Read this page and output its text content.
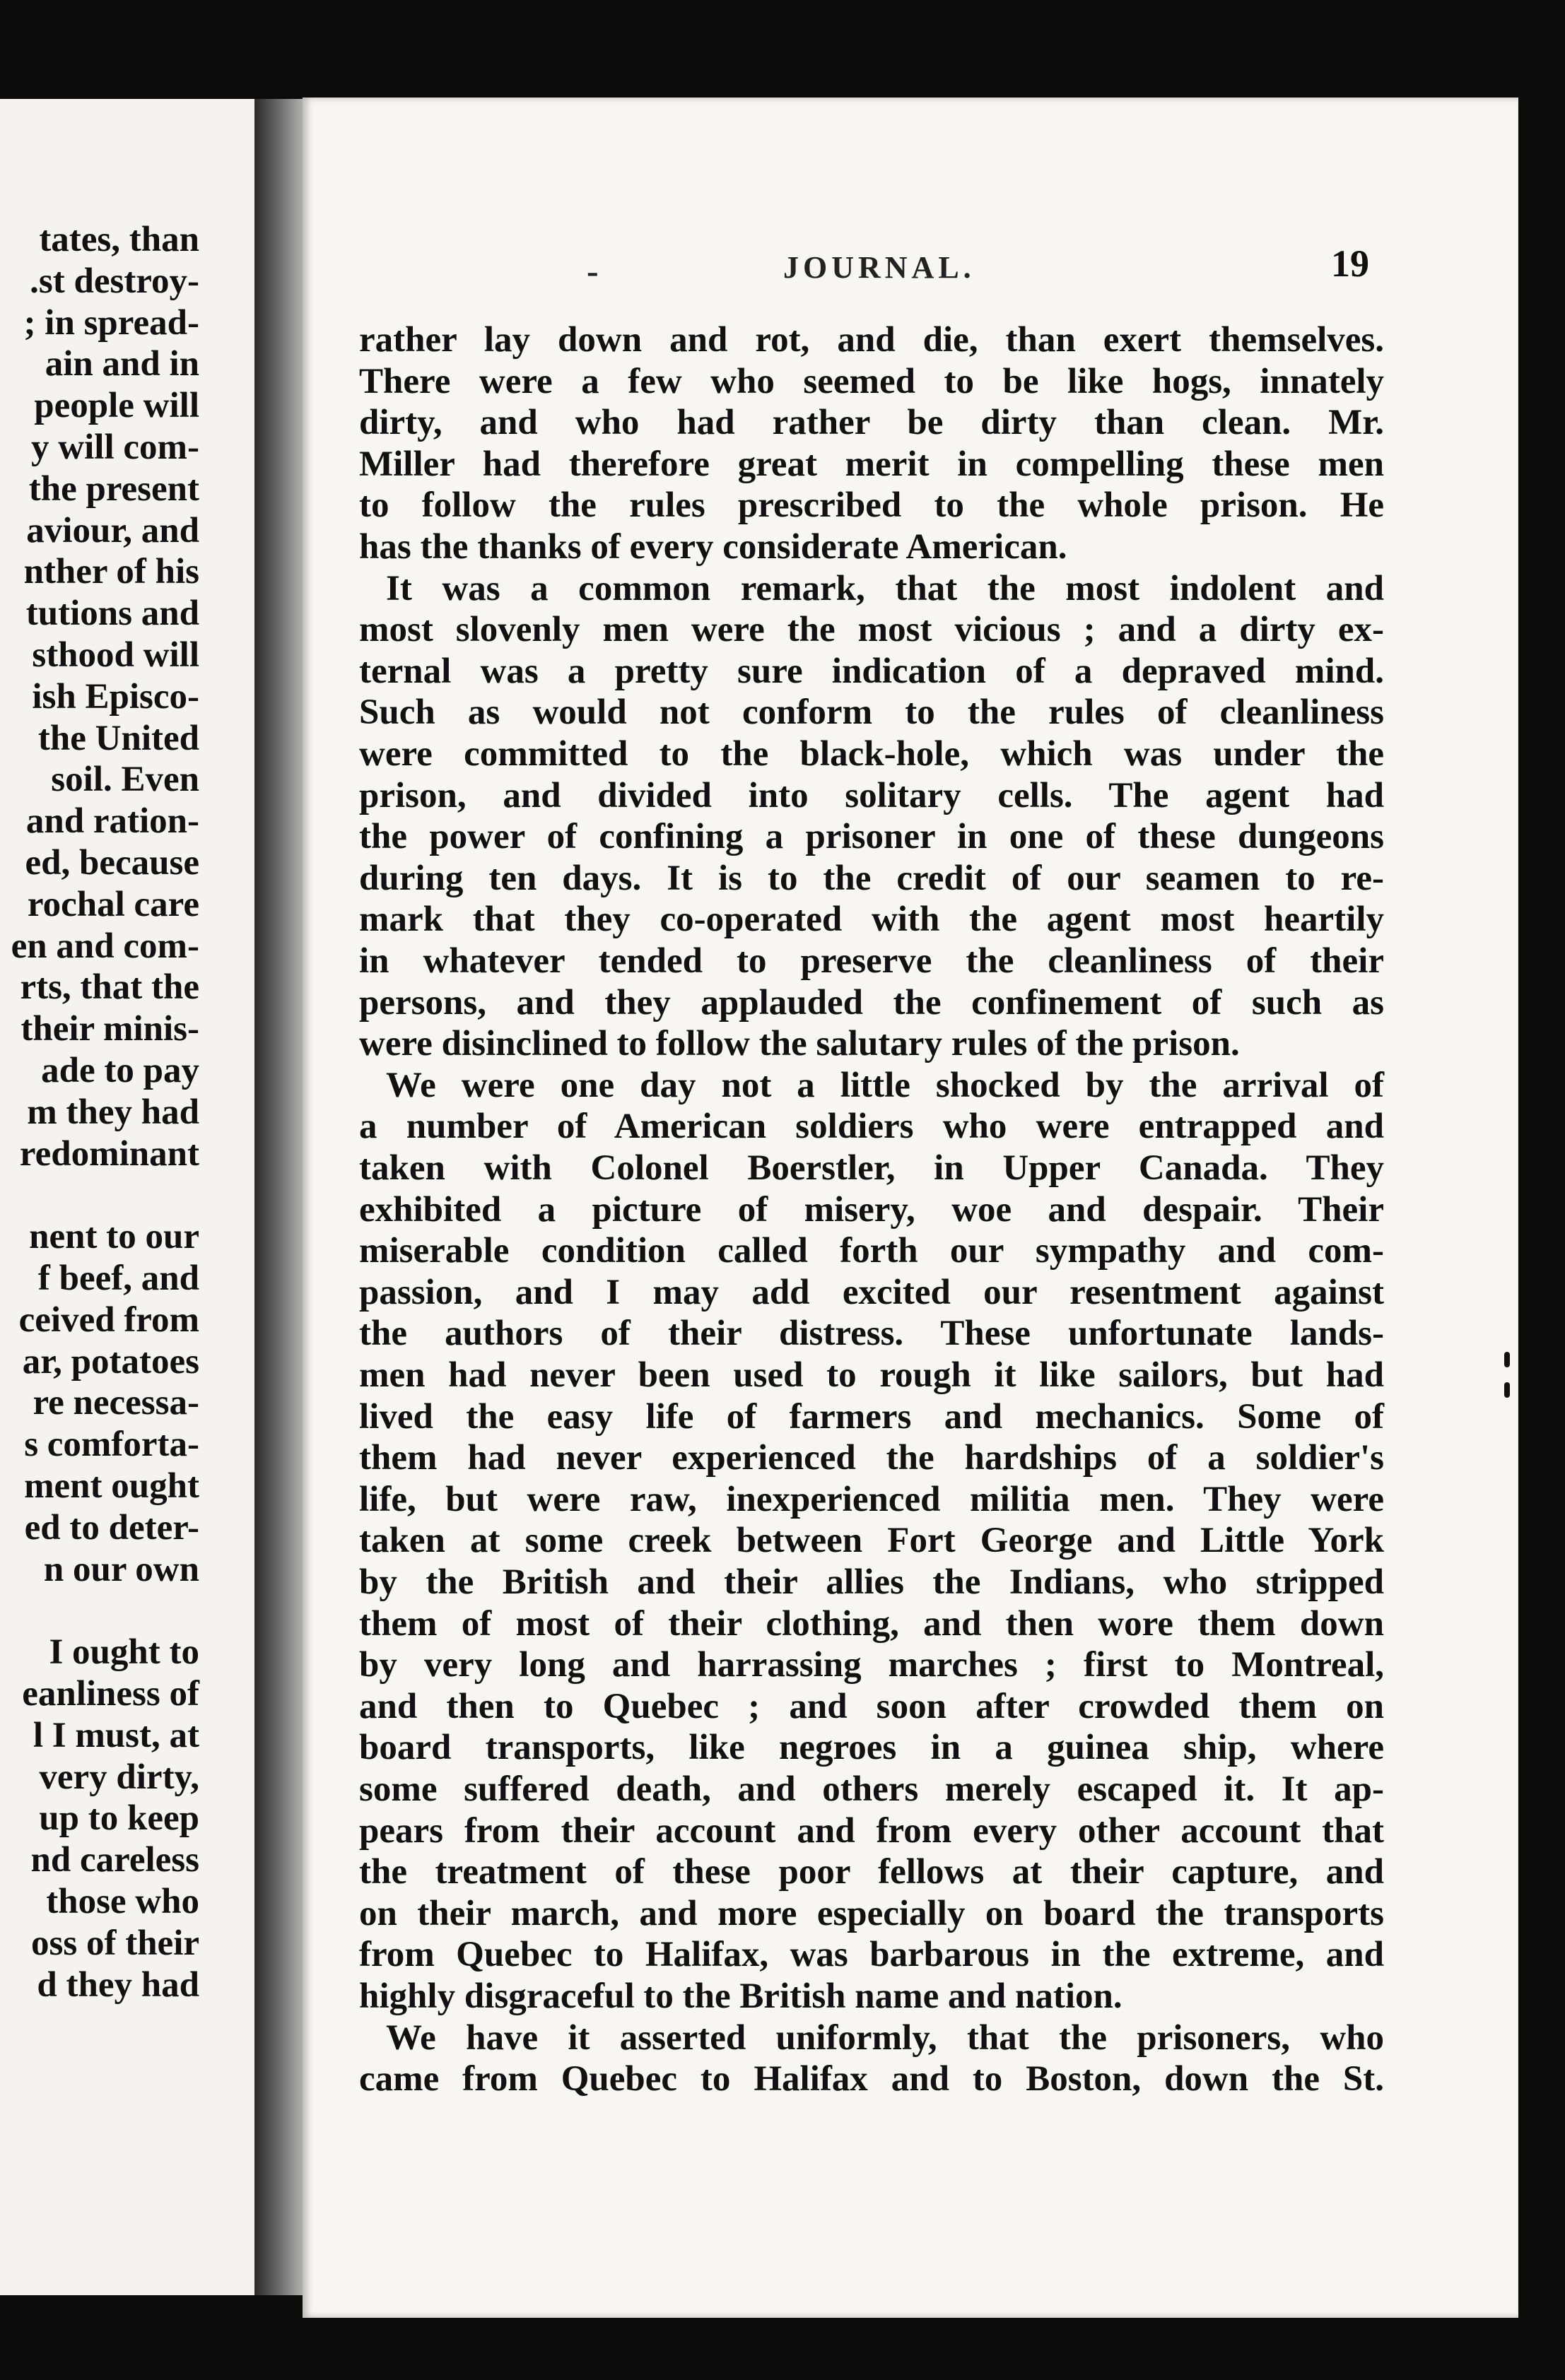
tates, than
.st destroy-
; in spread-
ain and in
people will
y will com-
the present
aviour, and
nther of his
tutions and
sthood will
ish Episco-
the United
soil. Even
and ration-
ed, because
rochal care
en and com-
rts, that the
their minis-
ade to pay
m they had
redominant
nent to our
f beef, and
ceived from
ar, potatoes
re necessa-
s comforta-
ment ought
ed to deter-
n our own
I ought to
eanliness of
l I must, at
very dirty,
up to keep
nd careless
those who
oss of their
d they had
-	JOURNAL.	19
rather lay down and rot, and die, than exert themselves.
There were a few who seemed to be like hogs, innately
dirty, and who had rather be dirty than clean. Mr.
Miller had therefore great merit in compelling these men
to follow the rules prescribed to the whole prison. He
has the thanks of every considerate American.
It was a common remark, that the most indolent and
most slovenly men were the most vicious ; and a dirty ex-
ternal was a pretty sure indication of a depraved mind.
Such as would not conform to the rules of cleanliness
were committed to the black-hole, which was under the
prison, and divided into solitary cells. The agent had
the power of confining a prisoner in one of these dungeons
during ten days. It is to the credit of our seamen to re-
mark that they co-operated with the agent most heartily
in whatever tended to preserve the cleanliness of their
persons, and they applauded the confinement of such as
were disinclined to follow the salutary rules of the prison.
We were one day not a little shocked by the arrival of
a number of American soldiers who were entrapped and
taken with Colonel Boerstler, in Upper Canada. They
exhibited a picture of misery, woe and despair. Their
miserable condition called forth our sympathy and com-
passion, and I may add excited our resentment against
the authors of their distress. These unfortunate lands-
men had never been used to rough it like sailors, but had
lived the easy life of farmers and mechanics. Some of
them had never experienced the hardships of a soldier's
life, but were raw, inexperienced militia men. They were
taken at some creek between Fort George and Little York
by the British and their allies the Indians, who stripped
them of most of their clothing, and then wore them down
by very long and harrassing marches ; first to Montreal,
and then to Quebec ; and soon after crowded them on
board transports, like negroes in a guinea ship, where
some suffered death, and others merely escaped it. It ap-
pears from their account and from every other account that
the treatment of these poor fellows at their capture, and
on their march, and more especially on board the transports
from Quebec to Halifax, was barbarous in the extreme, and
highly disgraceful to the British name and nation.
We have it asserted uniformly, that the prisoners, who
came from Quebec to Halifax and to Boston, down the St.
